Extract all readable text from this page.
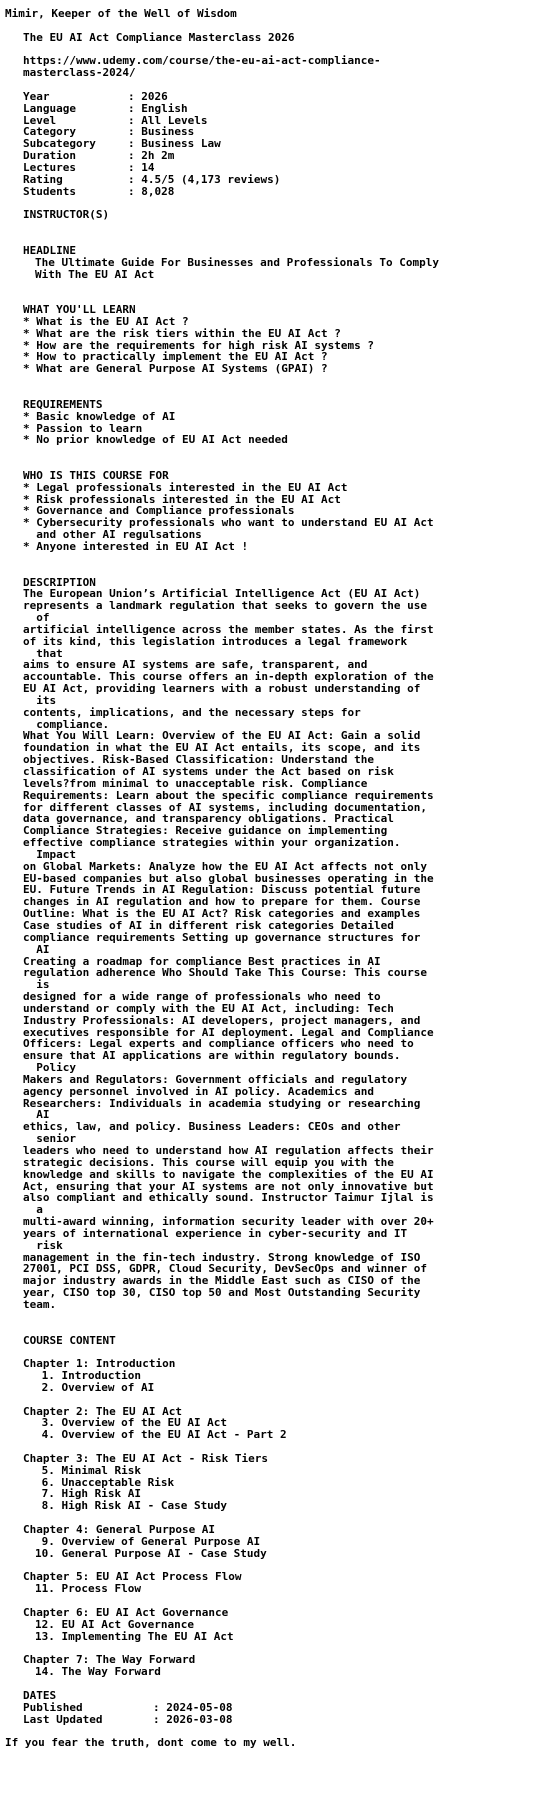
Mimir, Keeper of the Well of Wisdom
The EU AI Act Compliance Masterclass 2026
https://www.udemy.com/course/the-eu-ai-act-compliance-
masterclass-2024/
Year	: 2026
Language	: English
Level	: All Levels
Category	: Business
Subcategory	: Business Law
Duration	: 2h 2m
Lectures	: 14
Rating	: 4.5/5 (4,173 reviews)
Students	: 8,028
INSTRUCTOR(S)
HEADLINE
The Ultimate Guide For Businesses and Professionals To Comply
With The EU AI Act
WHAT YOU'LL LEARN
* What is the EU AI Act ?
* What are the risk tiers within the EU AI Act ?
* How are the requirements for high risk AI systems ?
* How to practically implement the EU AI Act ?
* What are General Purpose AI Systems (GPAI) ?
REQUIREMENTS
* Basic knowledge of AI
* Passion to learn
* No prior knowledge of EU AI Act needed
WHO IS THIS COURSE FOR
* Legal professionals interested in the EU AI Act
* Risk professionals interested in the EU AI Act
* Governance and Compliance professionals
* Cybersecurity professionals who want to understand EU AI Act
and other AI regulsations
* Anyone interested in EU AI Act !
DESCRIPTION
The European Union’s Artificial Intelligence Act (EU AI Act)
represents a landmark regulation that seeks to govern the use
of
artificial intelligence across the member states. As the first
of its kind, this legislation introduces a legal framework
that
aims to ensure AI systems are safe, transparent, and
accountable. This course offers an in-depth exploration of the
EU AI Act, providing learners with a robust understanding of
its
contents, implications, and the necessary steps for
compliance.
What You Will Learn: Overview of the EU AI Act: Gain a solid
foundation in what the EU AI Act entails, its scope, and its
objectives. Risk-Based Classification: Understand the
classification of AI systems under the Act based on risk
levels?from minimal to unacceptable risk. Compliance
Requirements: Learn about the specific compliance requirements
for different classes of AI systems, including documentation,
data governance, and transparency obligations. Practical
Compliance Strategies: Receive guidance on implementing
effective compliance strategies within your organization.
Impact
on Global Markets: Analyze how the EU AI Act affects not only
EU-based companies but also global businesses operating in the
EU. Future Trends in AI Regulation: Discuss potential future
changes in AI regulation and how to prepare for them. Course
Outline: What is the EU AI Act? Risk categories and examples
Case studies of AI in different risk categories Detailed
compliance requirements Setting up governance structures for
AI
Creating a roadmap for compliance Best practices in AI
regulation adherence Who Should Take This Course: This course
is
designed for a wide range of professionals who need to
understand or comply with the EU AI Act, including: Tech
Industry Professionals: AI developers, project managers, and
executives responsible for AI deployment. Legal and Compliance
Officers: Legal experts and compliance officers who need to
ensure that AI applications are within regulatory bounds.
Policy
Makers and Regulators: Government officials and regulatory
agency personnel involved in AI policy. Academics and
Researchers: Individuals in academia studying or researching
AI
ethics, law, and policy. Business Leaders: CEOs and other
senior
leaders who need to understand how AI regulation affects their
strategic decisions. This course will equip you with the
knowledge and skills to navigate the complexities of the EU AI
Act, ensuring that your AI systems are not only innovative but
also compliant and ethically sound. Instructor Taimur Ijlal is
a
multi-award winning, information security leader with over 20+
years of international experience in cyber-security and IT
risk
management in the fin-tech industry. Strong knowledge of ISO
27001, PCI DSS, GDPR, Cloud Security, DevSecOps and winner of
major industry awards in the Middle East such as CISO of the
year, CISO top 30, CISO top 50 and Most Outstanding Security
team.
COURSE CONTENT
Chapter 1: Introduction
1. Introduction
2. Overview of AI
Chapter 2: The EU AI Act
3. Overview of the EU AI Act
4. Overview of the EU AI Act - Part 2
Chapter 3: The EU AI Act - Risk Tiers
5. Minimal Risk
6. Unacceptable Risk
7. High Risk AI
8. High Risk AI - Case Study
Chapter 4: General Purpose AI
9. Overview of General Purpose AI
10. General Purpose AI - Case Study
Chapter 5: EU AI Act Process Flow
11. Process Flow
Chapter 6: EU AI Act Governance
12. EU AI Act Governance
13. Implementing The EU AI Act
Chapter 7: The Way Forward
14. The Way Forward
DATES
Published	: 2024-05-08
Last Updated	: 2026-03-08
If you fear the truth, dont come to my well.
